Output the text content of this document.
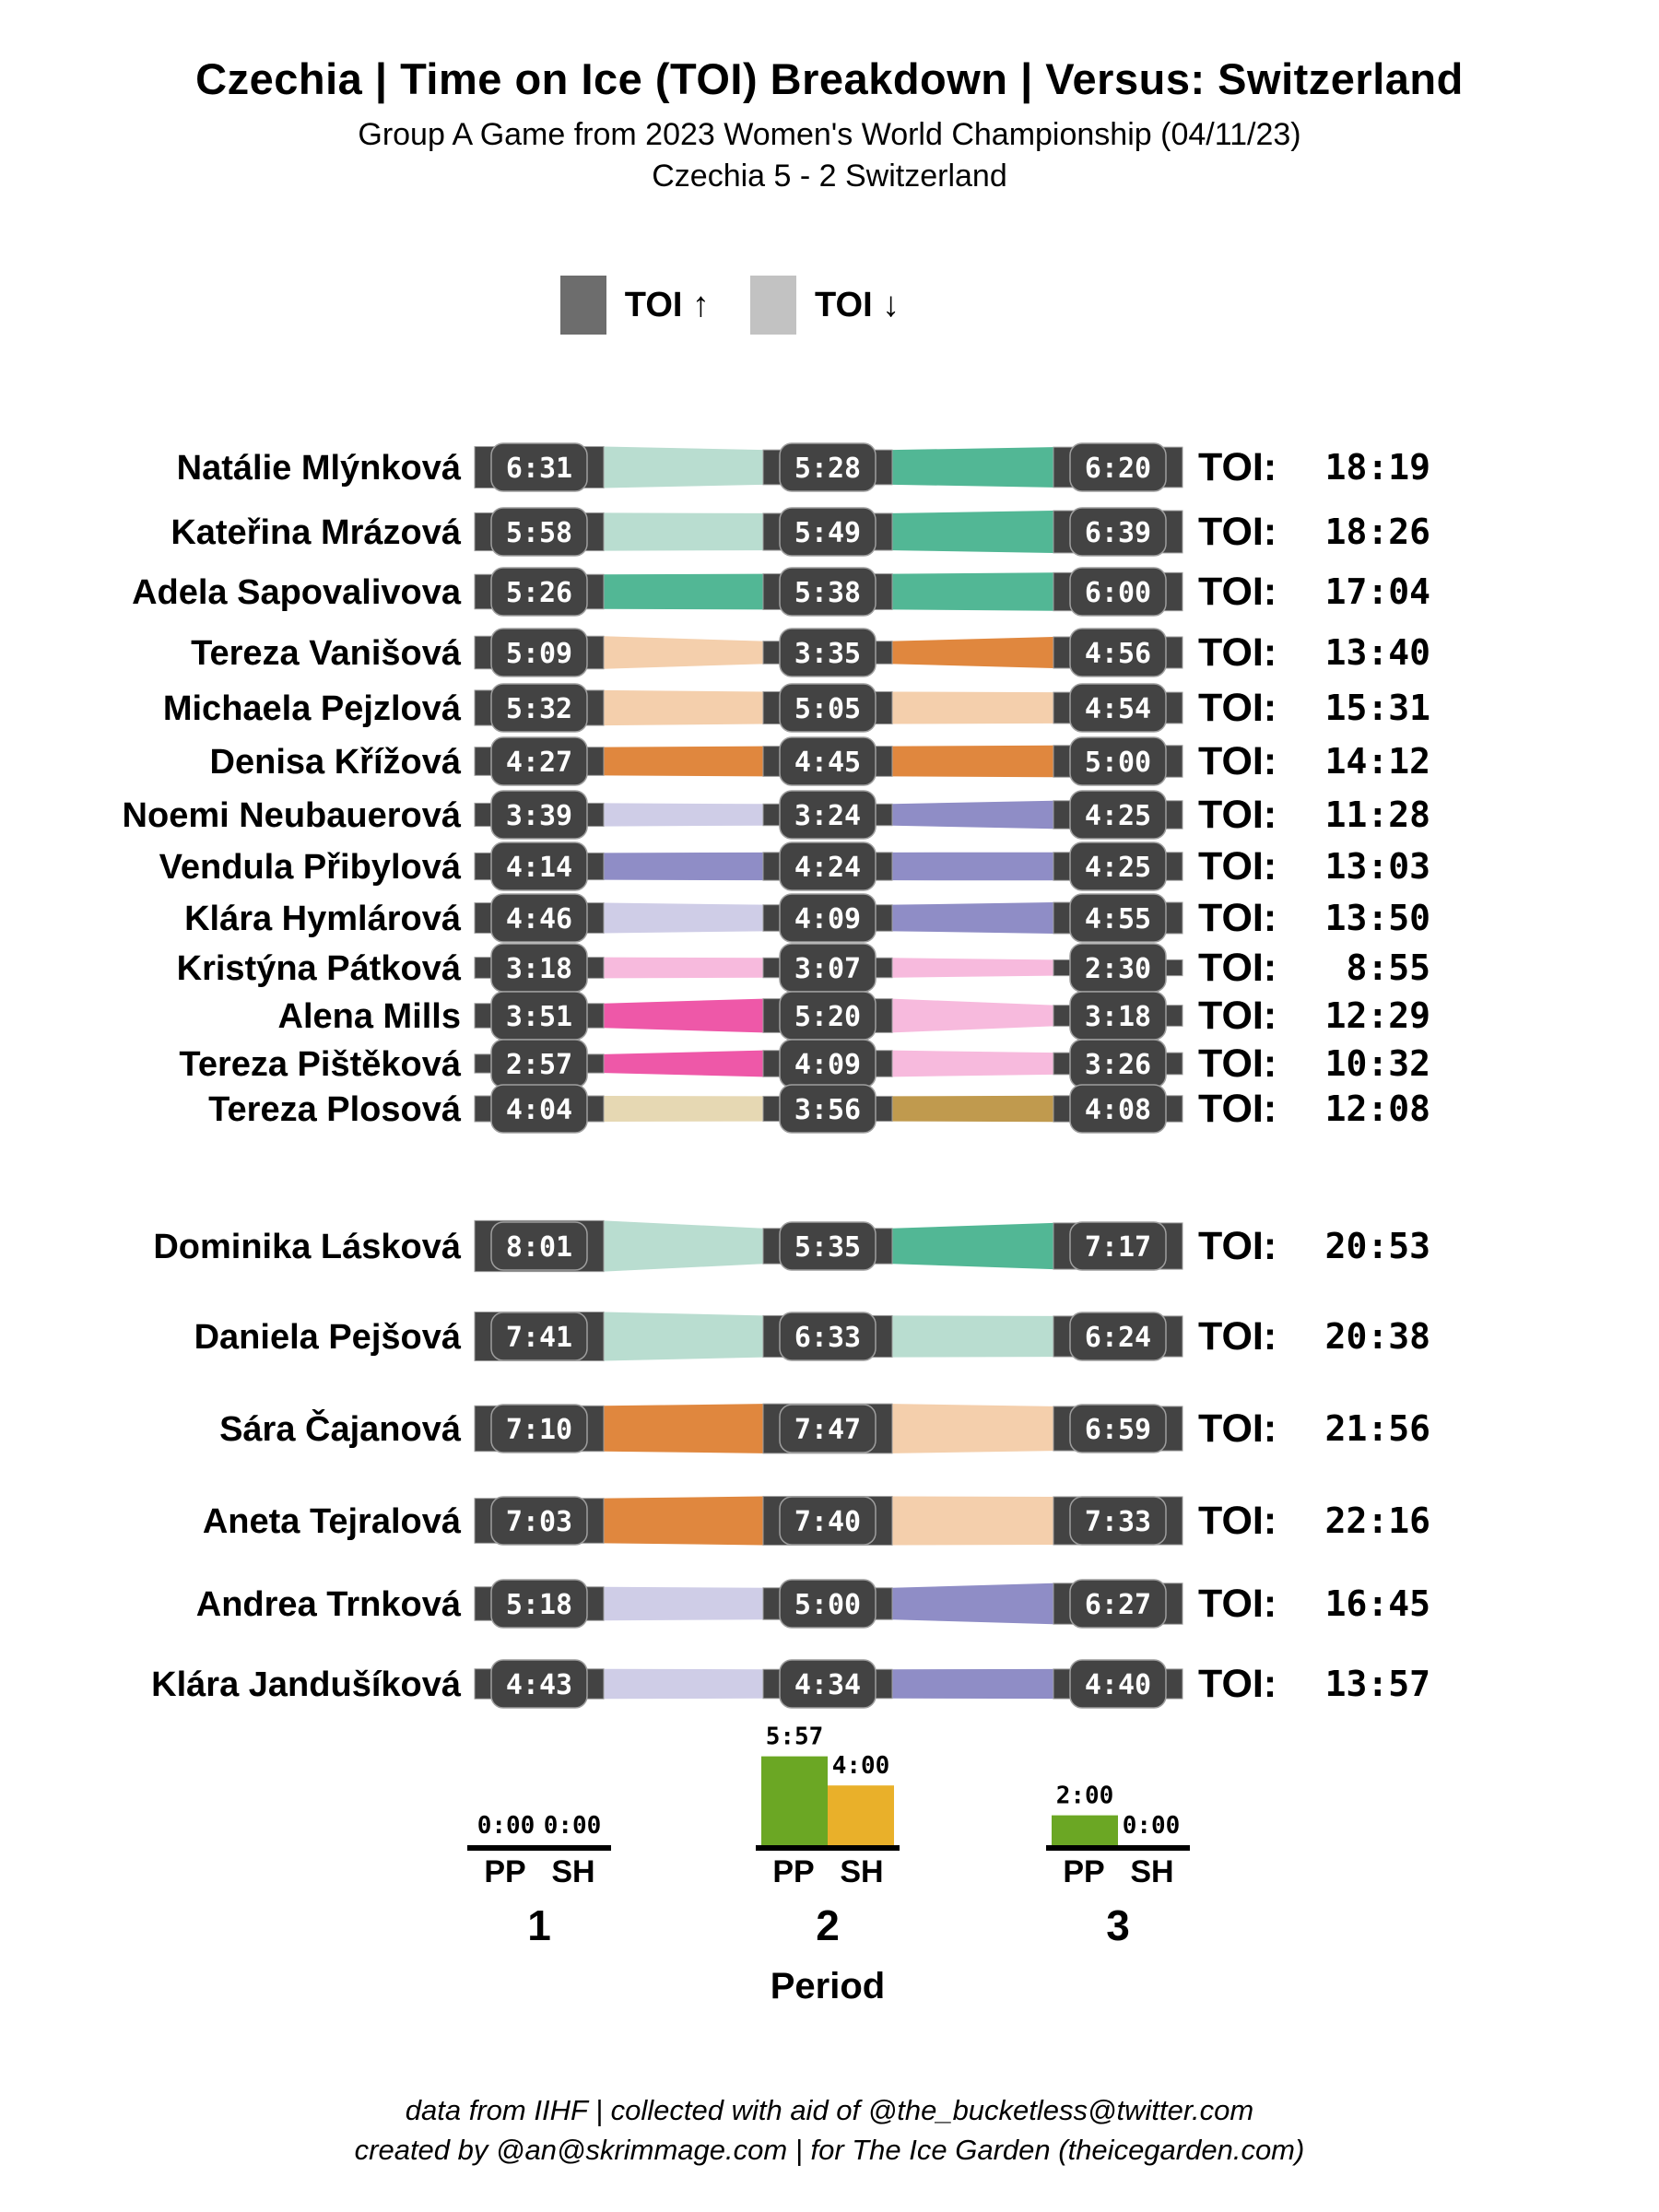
Czechia | Time on Ice (TOI) Breakdown | Versus: Switzerland
Group A Game from 2023 Women's World Championship (04/11/23)
Czechia 5 - 2 Switzerland
TOI ↑	TOI ↓
6:31	5:28	6:20
Natálie Mlýnková	TOI: 18:19
5:58	5:49	6:39
Kateřina Mrázová	TOI: 18:26
5:26	5:38	6:00
Adela Sapovalivova	TOI: 17:04
5:09	3:35	4:56
Tereza Vanišová	TOI: 13:40
5:32	5:05	4:54
Michaela Pejzlová	TOI: 15:31
4:27	4:45	5:00
Denisa Křížová	TOI: 14:12
3:39	3:24	4:25
Noemi Neubauerová	TOI: 11:28
4:14	4:24	4:25
Vendula Přibylová	TOI: 13:03
4:46	4:09	4:55
Klára Hymlárová	TOI: 13:50
3:18	3:07	2:30
Kristýna Pátková	TOI: 8:55
3:51	5:20	3:18
Alena Mills	TOI: 12:29
2:57	4:09	3:26
Tereza Pištěková	TOI: 10:32
4:04	3:56	4:08
Tereza Plosová	TOI: 12:08
8:01	5:35	7:17
Dominika Lásková	TOI: 20:53
7:41	6:33	6:24
Daniela Pejšová	TOI: 20:38
7:10	7:47	6:59
Sára Čajanová	TOI: 21:56
7:03	7:40	7:33
Aneta Tejralová	TOI: 22:16
5:18	5:00	6:27
Andrea Trnková	TOI: 16:45
4:43	4:34	4:40
Klára Jandušíková	TOI: 13:57
0:00 0:00
PP SH
1
5:57
4:00
PP SH
2
2:00
0:00
PP SH
3
Period
data from IIHF | collected with aid of @the_bucketless@twitter.com
created by @an@skrimmage.com | for The Ice Garden (theicegarden.com)
